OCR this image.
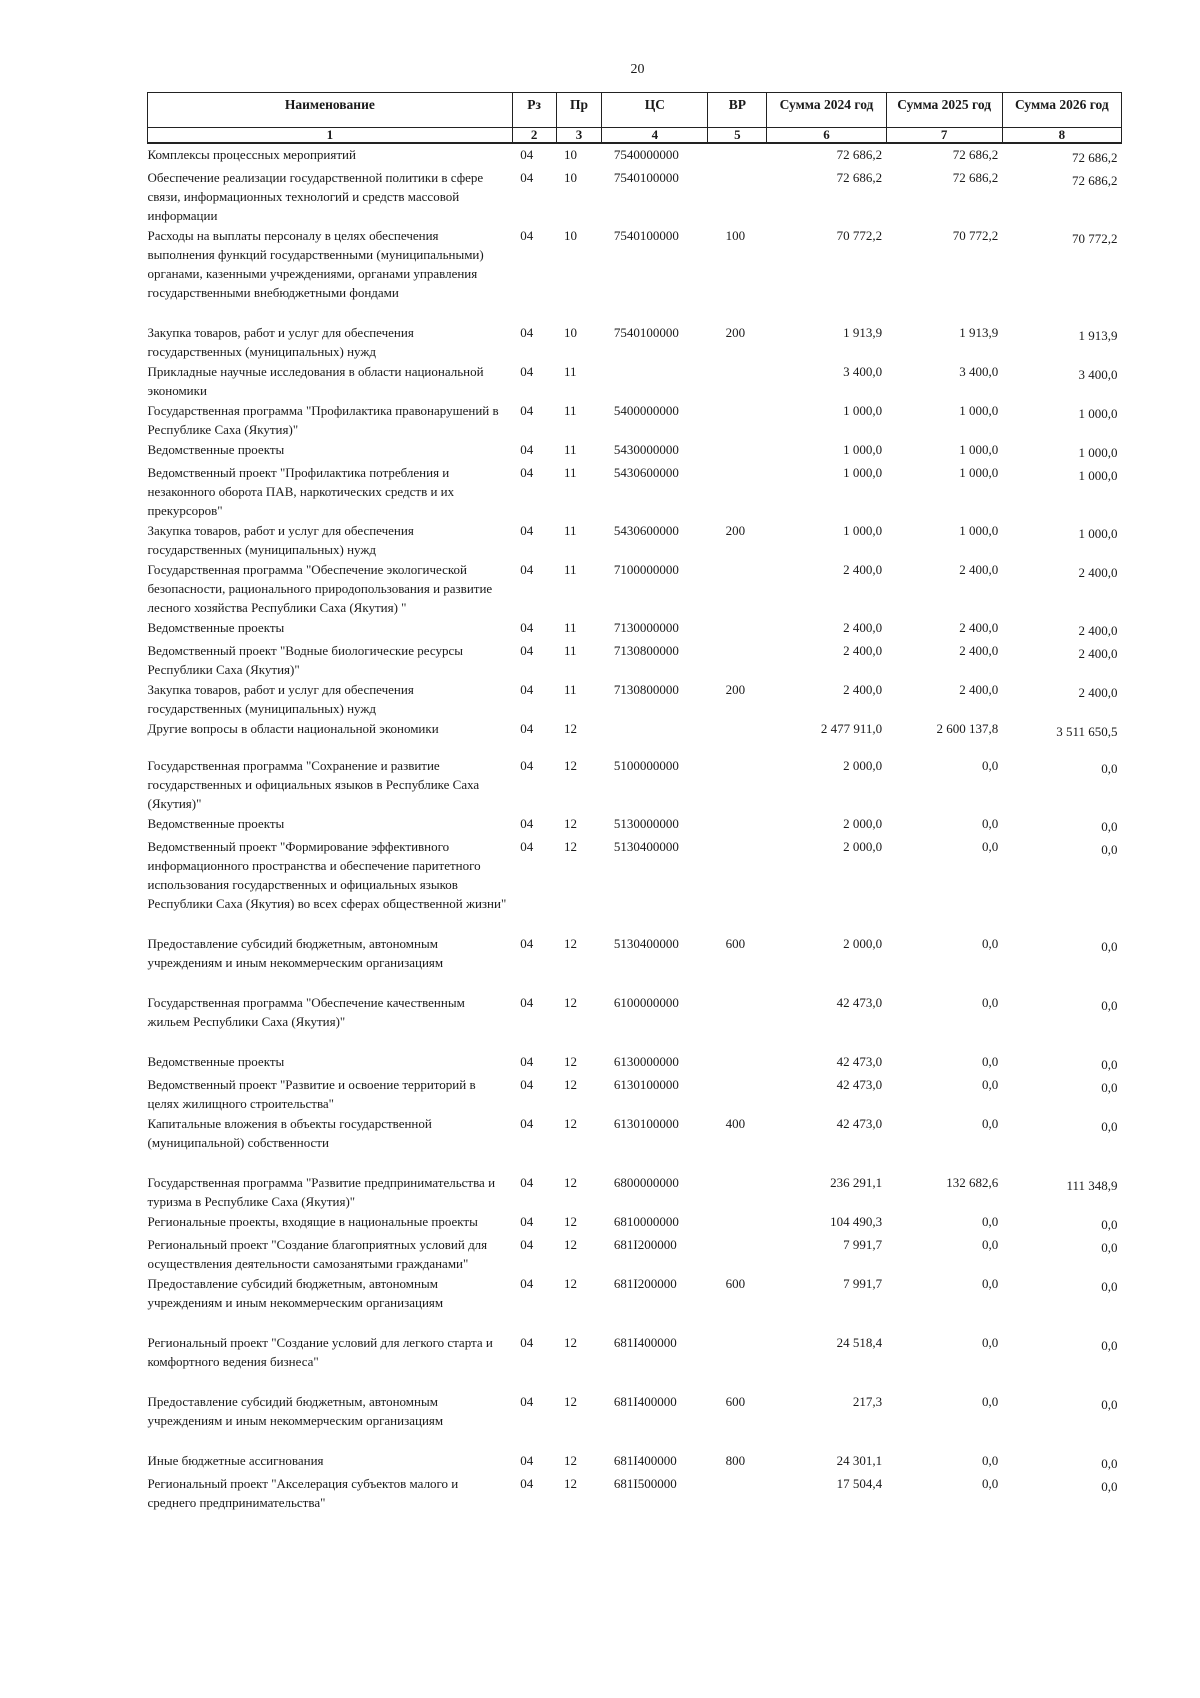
20
Наименование	Рз	Пр	ЦС	ВР	Сумма 2024 год	Сумма 2025 год	Сумма 2026 год
1	2	3	4	5	6	7	8
Комплексы процессных мероприятий	04	10	7540000000		72 686,2	72 686,2	72 686,2
Обеспечение реализации государственной политики в сфере связи, информационных технологий и средств массовой информации	04	10	7540100000		72 686,2	72 686,2	72 686,2
Расходы на выплаты персоналу в целях обеспечения выполнения функций государственными (муниципальными) органами, казенными учреждениями, органами управления государственными внебюджетными фондами	04	10	7540100000	100	70 772,2	70 772,2	70 772,2
Закупка товаров, работ и услуг для обеспечения государственных (муниципальных) нужд	04	10	7540100000	200	1 913,9	1 913,9	1 913,9
Прикладные научные исследования в области национальной экономики	04	11			3 400,0	3 400,0	3 400,0
Государственная программа "Профилактика правонарушений в Республике Саха (Якутия)"	04	11	5400000000		1 000,0	1 000,0	1 000,0
Ведомственные проекты	04	11	5430000000		1 000,0	1 000,0	1 000,0
Ведомственный проект "Профилактика потребления и незаконного оборота ПАВ, наркотических средств и их прекурсоров"	04	11	5430600000		1 000,0	1 000,0	1 000,0
Закупка товаров, работ и услуг для обеспечения государственных (муниципальных) нужд	04	11	5430600000	200	1 000,0	1 000,0	1 000,0
Государственная программа "Обеспечение экологической безопасности, рационального природопользования и развитие лесного хозяйства Республики Саха (Якутия) "	04	11	7100000000		2 400,0	2 400,0	2 400,0
Ведомственные проекты	04	11	7130000000		2 400,0	2 400,0	2 400,0
Ведомственный проект "Водные биологические ресурсы Республики Саха (Якутия)"	04	11	7130800000		2 400,0	2 400,0	2 400,0
Закупка товаров, работ и услуг для обеспечения государственных (муниципальных) нужд	04	11	7130800000	200	2 400,0	2 400,0	2 400,0
Другие вопросы в области национальной экономики	04	12			2 477 911,0	2 600 137,8	3 511 650,5
Государственная программа "Сохранение и развитие государственных и официальных языков в Республике Саха (Якутия)"	04	12	5100000000		2 000,0	0,0	0,0
Ведомственные проекты	04	12	5130000000		2 000,0	0,0	0,0
Ведомственный проект "Формирование эффективного информационного пространства и обеспечение паритетного использования государственных и официальных языков Республики Саха (Якутия) во всех сферах общественной жизни"	04	12	5130400000		2 000,0	0,0	0,0
Предоставление субсидий бюджетным, автономным учреждениям и иным некоммерческим организациям	04	12	5130400000	600	2 000,0	0,0	0,0
Государственная программа "Обеспечение качественным жильем Республики Саха (Якутия)"	04	12	6100000000		42 473,0	0,0	0,0
Ведомственные проекты	04	12	6130000000		42 473,0	0,0	0,0
Ведомственный проект "Развитие и освоение территорий в целях жилищного строительства"	04	12	6130100000		42 473,0	0,0	0,0
Капитальные вложения в объекты государственной (муниципальной) собственности	04	12	6130100000	400	42 473,0	0,0	0,0
Государственная программа "Развитие предпринимательства и туризма в Республике Саха (Якутия)"	04	12	6800000000		236 291,1	132 682,6	111 348,9
Региональные проекты, входящие в национальные проекты	04	12	6810000000		104 490,3	0,0	0,0
Региональный проект "Создание благоприятных условий для осуществления деятельности самозанятыми гражданами"	04	12	681I200000		7 991,7	0,0	0,0
Предоставление субсидий бюджетным, автономным учреждениям и иным некоммерческим организациям	04	12	681I200000	600	7 991,7	0,0	0,0
Региональный проект "Создание условий для легкого старта и комфортного ведения бизнеса"	04	12	681I400000		24 518,4	0,0	0,0
Предоставление субсидий бюджетным, автономным учреждениям и иным некоммерческим организациям	04	12	681I400000	600	217,3	0,0	0,0
Иные бюджетные ассигнования	04	12	681I400000	800	24 301,1	0,0	0,0
Региональный проект "Акселерация субъектов малого и среднего предпринимательства"	04	12	681I500000		17 504,4	0,0	0,0
